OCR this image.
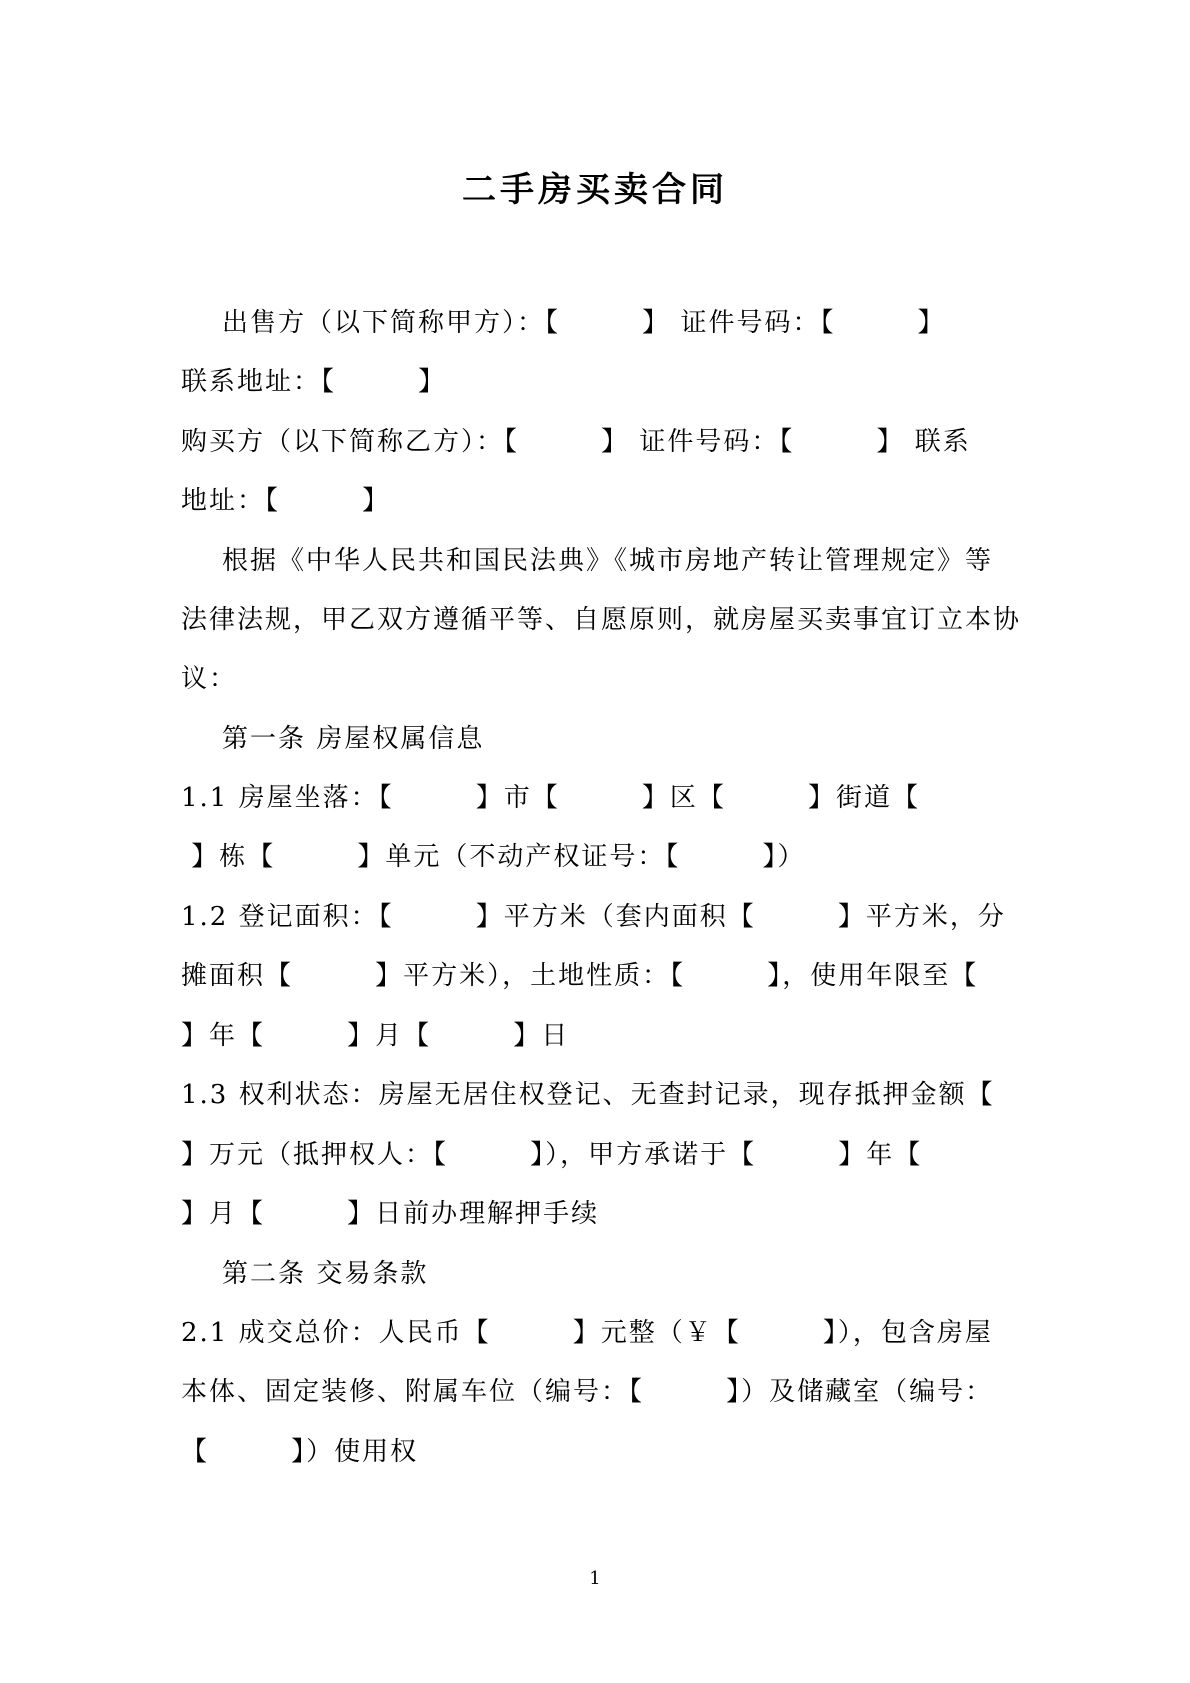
二手房买卖合同
出售方（以下简称甲方）：【        】 证件号码：【        】
联系地址：【        】
购买方（以下简称乙方）：【        】 证件号码：【        】 联系
地址：【        】
根据《中华人民共和国民法典》《城市房地产转让管理规定》等
法律法规，甲乙双方遵循平等、自愿原则，就房屋买卖事宜订立本协
议：
第一条 房屋权属信息
1.1 房屋坐落：【        】市【        】区【        】街道【
】栋【        】单元（不动产权证号：【        】）
1.2 登记面积：【        】平方米（套内面积【        】平方米，分
摊面积【        】平方米），土地性质：【        】，使用年限至【
】年【        】月【        】日
1.3 权利状态：房屋无居住权登记、无查封记录，现存抵押金额【
】万元（抵押权人：【        】），甲方承诺于【        】年【
】月【        】日前办理解押手续
第二条 交易条款
2.1 成交总价：人民币【        】元整（￥【        】），包含房屋
本体、固定装修、附属车位（编号：【        】）及储藏室（编号：
【        】）使用权
1
